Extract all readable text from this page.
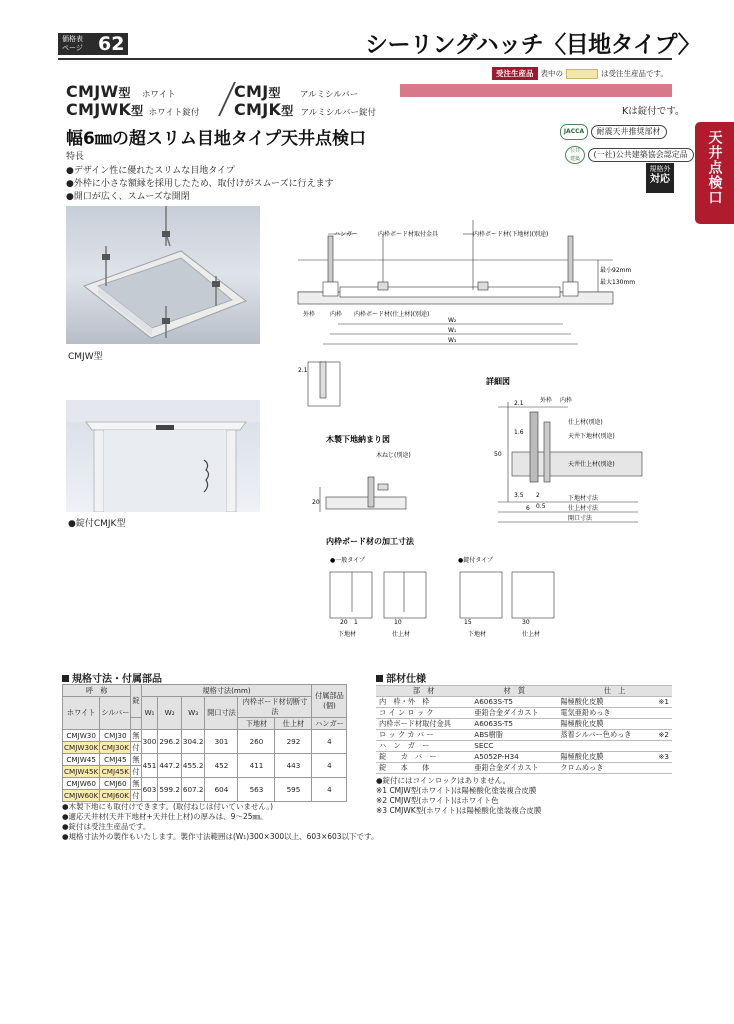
価格表
ページ 62	シーリングハッチ〈目地タイプ〉
受注生産品 表中の	は受注生産品です。
CMJW型 ホワイト
CMJWK型 ホワイト錠付
CMJ型 アルミシルバー
CMJK型 アルミシルバー錠付	Kは錠付です。
幅6㎜の超スリム目地タイプ天井点検口	JACCA 耐震天井推奨部材
公共
建築 (一社)公共建築協会認定品
規格外
対応	天井点検口
特長
●デザイン性に優れたスリムな目地タイプ
●外枠に小さな額縁を採用したため、取付けがスムーズに行えます
●開口が広く、スムーズな開閉
CMJW型
●錠付CMJK型
ハンガー	内枠ボード材取付金具	内枠ボード材(下地材)(別途)
最小92mm
最大130mm
外枠 内枠 内枠ボード材(仕上材)(別途)
W₂
W₁
W₃
2.1
詳細図
2.1	外枠 内枠
1.6
50
仕上材(別途)
天井下地材(別途)
天井仕上材(別途)
3.5 2
6 0.5
下地材寸法
仕上材寸法
開口寸法
木製下地納まり図
木ねじ(別途)
20
内枠ボード材の加工寸法
●一般タイプ	●錠付タイプ
20 1	10	15	30
下地材	仕上材	下地材	仕上材
規格寸法・付属部品
呼　称		錠	規格寸法(mm)						付属部品(個)
ホワイト	シルバー		W₁	W₂	W₃	開口寸法	内枠ボード材切断寸法		
							下地材	仕上材	ハンガー
CMJW30	CMJ30	無	300	296.2	304.2	301	260	292	4
CMJW30K	CMJ30K	付							
CMJW45	CMJ45	無	451	447.2	455.2	452	411	443	4
CMJW45K	CMJ45K	付							
CMJW60	CMJ60	無	603	599.2	607.2	604	563	595	4
CMJW60K	CMJ60K	付							
●木製下地にも取付けできます。(取付ねじは付いていません。)
●適応天井材(天井下地材+天井仕上材)の厚みは、9〜25㎜。
●錠付は受注生産品です。
●規格寸法外の製作もいたします。製作寸法範囲は(W₁)300×300以上、603×603以下です。
部材仕様
部　材	材　質	仕　上	
内　枠・外　枠	A6063S-T5	陽極酸化皮膜	※1
コ イ ン ロ ッ ク	亜鉛合金ダイカスト	電気亜鉛めっき	
内枠ボード材取付金具	A6063S-T5	陽極酸化皮膜	
ロ ッ ク カ バ ー	ABS樹脂	蒸着シルバー色めっき	※2
ハ　ン　ガ　ー	SECC		
錠　　カ　バ　ー	A5052P-H34	陽極酸化皮膜	※3
錠　　本　　体	亜鉛合金ダイカスト	クロムめっき	
●錠付にはコインロックはありません。
※1 CMJW型(ホワイト)は陽極酸化塗装複合皮膜
※2 CMJW型(ホワイト)はホワイト色
※3 CMJWK型(ホワイト)は陽極酸化塗装複合皮膜
